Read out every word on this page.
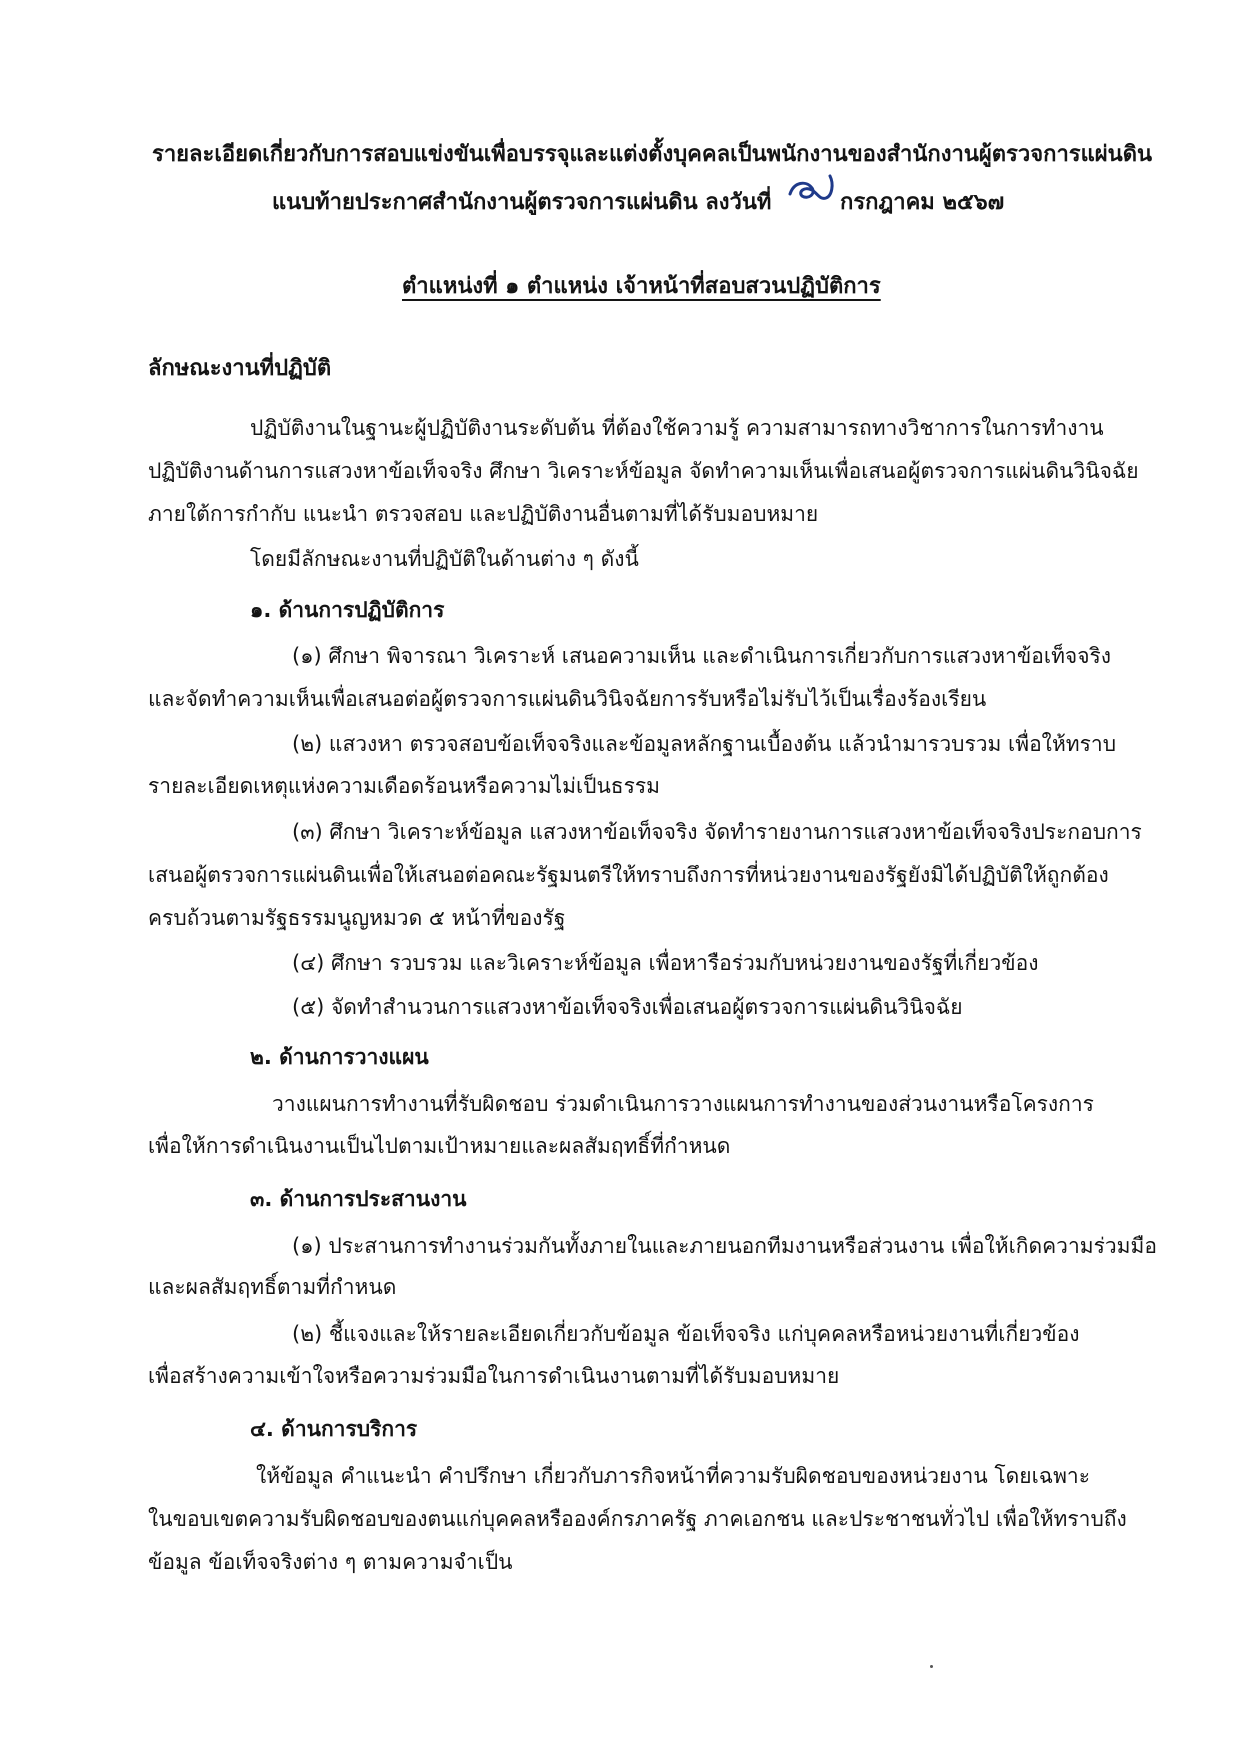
รายละเอียดเกี่ยวกับการสอบแข่งขันเพื่อบรรจุและแต่งตั้งบุคคลเป็นพนักงานของสำนักงานผู้ตรวจการแผ่นดิน
แนบท้ายประกาศสำนักงานผู้ตรวจการแผ่นดิน ลงวันที่	กรกฎาคม ๒๕๖๗
ตำแหน่งที่ ๑ ตำแหน่ง เจ้าหน้าที่สอบสวนปฏิบัติการ
ลักษณะงานที่ปฏิบัติ
ปฏิบัติงานในฐานะผู้ปฏิบัติงานระดับต้น ที่ต้องใช้ความรู้ ความสามารถทางวิชาการในการทำงาน
ปฏิบัติงานด้านการแสวงหาข้อเท็จจริง ศึกษา วิเคราะห์ข้อมูล จัดทำความเห็นเพื่อเสนอผู้ตรวจการแผ่นดินวินิจฉัย
ภายใต้การกำกับ แนะนำ ตรวจสอบ และปฏิบัติงานอื่นตามที่ได้รับมอบหมาย
โดยมีลักษณะงานที่ปฏิบัติในด้านต่าง ๆ ดังนี้
๑. ด้านการปฏิบัติการ
(๑) ศึกษา พิจารณา วิเคราะห์ เสนอความเห็น และดำเนินการเกี่ยวกับการแสวงหาข้อเท็จจริง
และจัดทำความเห็นเพื่อเสนอต่อผู้ตรวจการแผ่นดินวินิจฉัยการรับหรือไม่รับไว้เป็นเรื่องร้องเรียน
(๒) แสวงหา ตรวจสอบข้อเท็จจริงและข้อมูลหลักฐานเบื้องต้น แล้วนำมารวบรวม เพื่อให้ทราบ
รายละเอียดเหตุแห่งความเดือดร้อนหรือความไม่เป็นธรรม
(๓) ศึกษา วิเคราะห์ข้อมูล แสวงหาข้อเท็จจริง จัดทำรายงานการแสวงหาข้อเท็จจริงประกอบการ
เสนอผู้ตรวจการแผ่นดินเพื่อให้เสนอต่อคณะรัฐมนตรีให้ทราบถึงการที่หน่วยงานของรัฐยังมิได้ปฏิบัติให้ถูกต้อง
ครบถ้วนตามรัฐธรรมนูญหมวด ๕ หน้าที่ของรัฐ
(๔) ศึกษา รวบรวม และวิเคราะห์ข้อมูล เพื่อหารือร่วมกับหน่วยงานของรัฐที่เกี่ยวข้อง
(๕) จัดทำสำนวนการแสวงหาข้อเท็จจริงเพื่อเสนอผู้ตรวจการแผ่นดินวินิจฉัย
๒. ด้านการวางแผน
วางแผนการทำงานที่รับผิดชอบ ร่วมดำเนินการวางแผนการทำงานของส่วนงานหรือโครงการ
เพื่อให้การดำเนินงานเป็นไปตามเป้าหมายและผลสัมฤทธิ์ที่กำหนด
๓. ด้านการประสานงาน
(๑) ประสานการทำงานร่วมกันทั้งภายในและภายนอกทีมงานหรือส่วนงาน เพื่อให้เกิดความร่วมมือ
และผลสัมฤทธิ์ตามที่กำหนด
(๒) ชี้แจงและให้รายละเอียดเกี่ยวกับข้อมูล ข้อเท็จจริง แก่บุคคลหรือหน่วยงานที่เกี่ยวข้อง
เพื่อสร้างความเข้าใจหรือความร่วมมือในการดำเนินงานตามที่ได้รับมอบหมาย
๔. ด้านการบริการ
ให้ข้อมูล คำแนะนำ คำปรึกษา เกี่ยวกับภารกิจหน้าที่ความรับผิดชอบของหน่วยงาน โดยเฉพาะ
ในขอบเขตความรับผิดชอบของตนแก่บุคคลหรือองค์กรภาครัฐ ภาคเอกชน และประชาชนทั่วไป เพื่อให้ทราบถึง
ข้อมูล ข้อเท็จจริงต่าง ๆ ตามความจำเป็น
